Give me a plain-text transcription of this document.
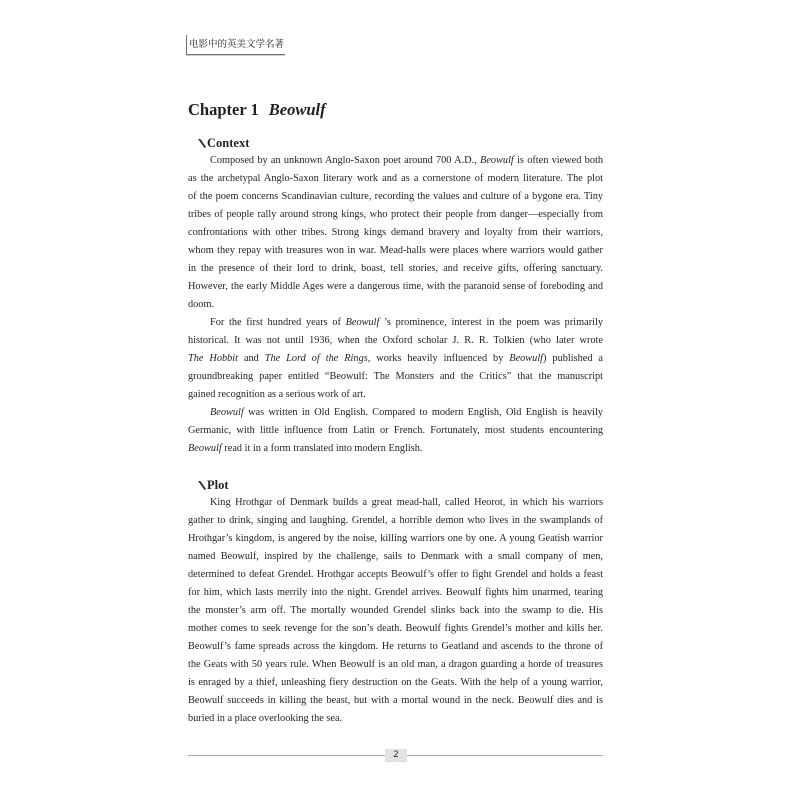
电影中的英美文学名著
Chapter 1 Beowulf
Context

Composed by an unknown Anglo-Saxon poet around 700 A.D., Beowulf is often viewed both
as the archetypal Anglo-Saxon literary work and as a cornerstone of modern literature. The plot
of the poem concerns Scandinavian culture, recording the values and culture of a bygone era. Tiny
tribes of people rally around strong kings, who protect their people from danger—especially from
confrontations with other tribes. Strong kings demand bravery and loyalty from their warriors,
whom they repay with treasures won in war. Mead-halls were places where warriors would gather
in the presence of their lord to drink, boast, tell stories, and receive gifts, offering sanctuary.
However, the early Middle Ages were a dangerous time, with the paranoid sense of foreboding and
doom.

For the first hundred years of Beowulf ’s prominence, interest in the poem was primarily
historical. It was not until 1936, when the Oxford scholar J. R. R. Tolkien (who later wrote
The Hobbit and The Lord of the Rings, works heavily influenced by Beowulf) published a
groundbreaking paper entitled “Beowulf: The Monsters and the Critics” that the manuscript
gained recognition as a serious work of art.

Beowulf was written in Old English. Compared to modern English, Old English is heavily
Germanic, with little influence from Latin or French. Fortunately, most students encountering
Beowulf read it in a form translated into modern English.

Plot

King Hrothgar of Denmark builds a great mead-hall, called Heorot, in which his warriors
gather to drink, singing and laughing. Grendel, a horrible demon who lives in the swamplands of
Hrothgar’s kingdom, is angered by the noise, killing warriors one by one. A young Geatish warrior
named Beowulf, inspired by the challenge, sails to Denmark with a small company of men,
determined to defeat Grendel. Hrothgar accepts Beowulf’s offer to fight Grendel and holds a feast
for him, which lasts merrily into the night. Grendel arrives. Beowulf fights him unarmed, tearing
the monster’s arm off. The mortally wounded Grendel slinks back into the swamp to die. His
mother comes to seek revenge for the son’s death. Beowulf fights Grendel’s mother and kills her.
Beowulf’s fame spreads across the kingdom. He returns to Geatland and ascends to the throne of
the Geats with 50 years rule. When Beowulf is an old man, a dragon guarding a horde of treasures
is enraged by a thief, unleashing fiery destruction on the Geats. With the help of a young warrior,
Beowulf succeeds in killing the beast, but with a mortal wound in the neck. Beowulf dies and is
buried in a place overlooking the sea.

2
